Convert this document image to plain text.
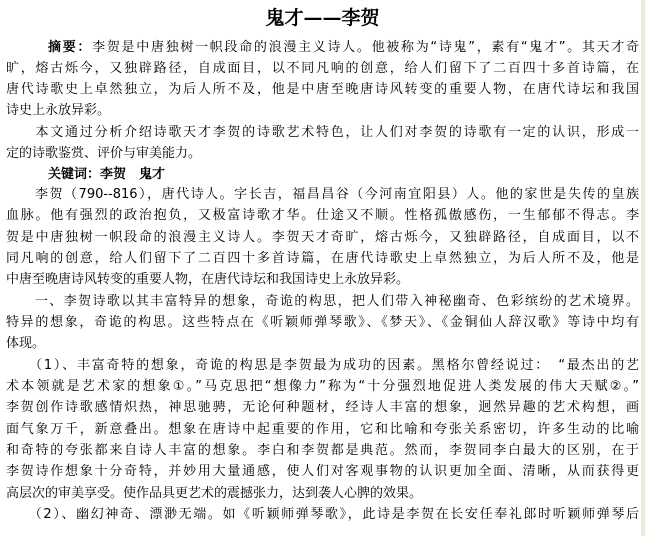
鬼才——李贺
摘要：李贺是中唐独树一帜段命的浪漫主义诗人。他被称为“诗鬼”，素有“鬼才”。其天才奇
旷，熔古烁今，又独辟路径，自成面目，以不同凡响的创意，给人们留下了二百四十多首诗篇，在
唐代诗歌史上卓然独立，为后人所不及，他是中唐至晚唐诗风转变的重要人物，在唐代诗坛和我国
诗史上永放异彩。
　　本文通过分析介绍诗歌天才李贺的诗歌艺术特色，让人们对李贺的诗歌有一定的认识，形成一
定的诗歌鉴赏、评价与审美能力。
关键词：李贺　鬼才
　　李贺（790--816），唐代诗人。字长吉，福昌昌谷（今河南宜阳县）人。他的家世是失传的皇族
血脉。他有强烈的政治抱负，又极富诗歌才华。仕途又不顺。性格孤傲感伤，一生郁郁不得志。李
贺是中唐独树一帜段命的浪漫主义诗人。李贺天才奇旷，熔古烁今，又独辟路径，自成面目，以不
同凡响的创意，给人们留下了二百四十多首诗篇，在唐代诗歌史上卓然独立，为后人所不及，他是
中唐至晚唐诗风转变的重要人物，在唐代诗坛和我国诗史上永放异彩。
　　一、李贺诗歌以其丰富特异的想象，奇诡的构思，把人们带入神秘幽奇、色彩缤纷的艺术境界。
特异的想象，奇诡的构思。这些特点在《听颖师弹琴歌》、《梦天》、《金铜仙人辞汉歌》等诗中均有
体现。
　　（1）、丰富奇特的想象，奇诡的构思是李贺最为成功的因素。黑格尔曾经说过：　“最杰出的艺
术本领就是艺术家的想象①。”马克思把“想像力”称为“十分强烈地促进人类发展的伟大天赋②。”
李贺创作诗歌感情炽热，神思驰骋，无论何种题材，经诗人丰富的想象，迥然异趣的艺术构想，画
面气象万千，新意叠出。想象在唐诗中起重要的作用，它和比喻和夸张关系密切，许多生动的比喻
和奇特的夸张都来自诗人丰富的想象。李白和李贺都是典范。然而，李贺同李白最大的区别，在于
李贺诗作想象十分奇特，并妙用大量通感，使人们对客观事物的认识更加全面、清晰，从而获得更
高层次的审美享受。使作品具更艺术的震撼张力，达到袭人心脾的效果。
　　（2）、幽幻神奇、漂渺无端。如《听颖师弹琴歌》，此诗是李贺在长安任奉礼郎时听颖师弹琴后
